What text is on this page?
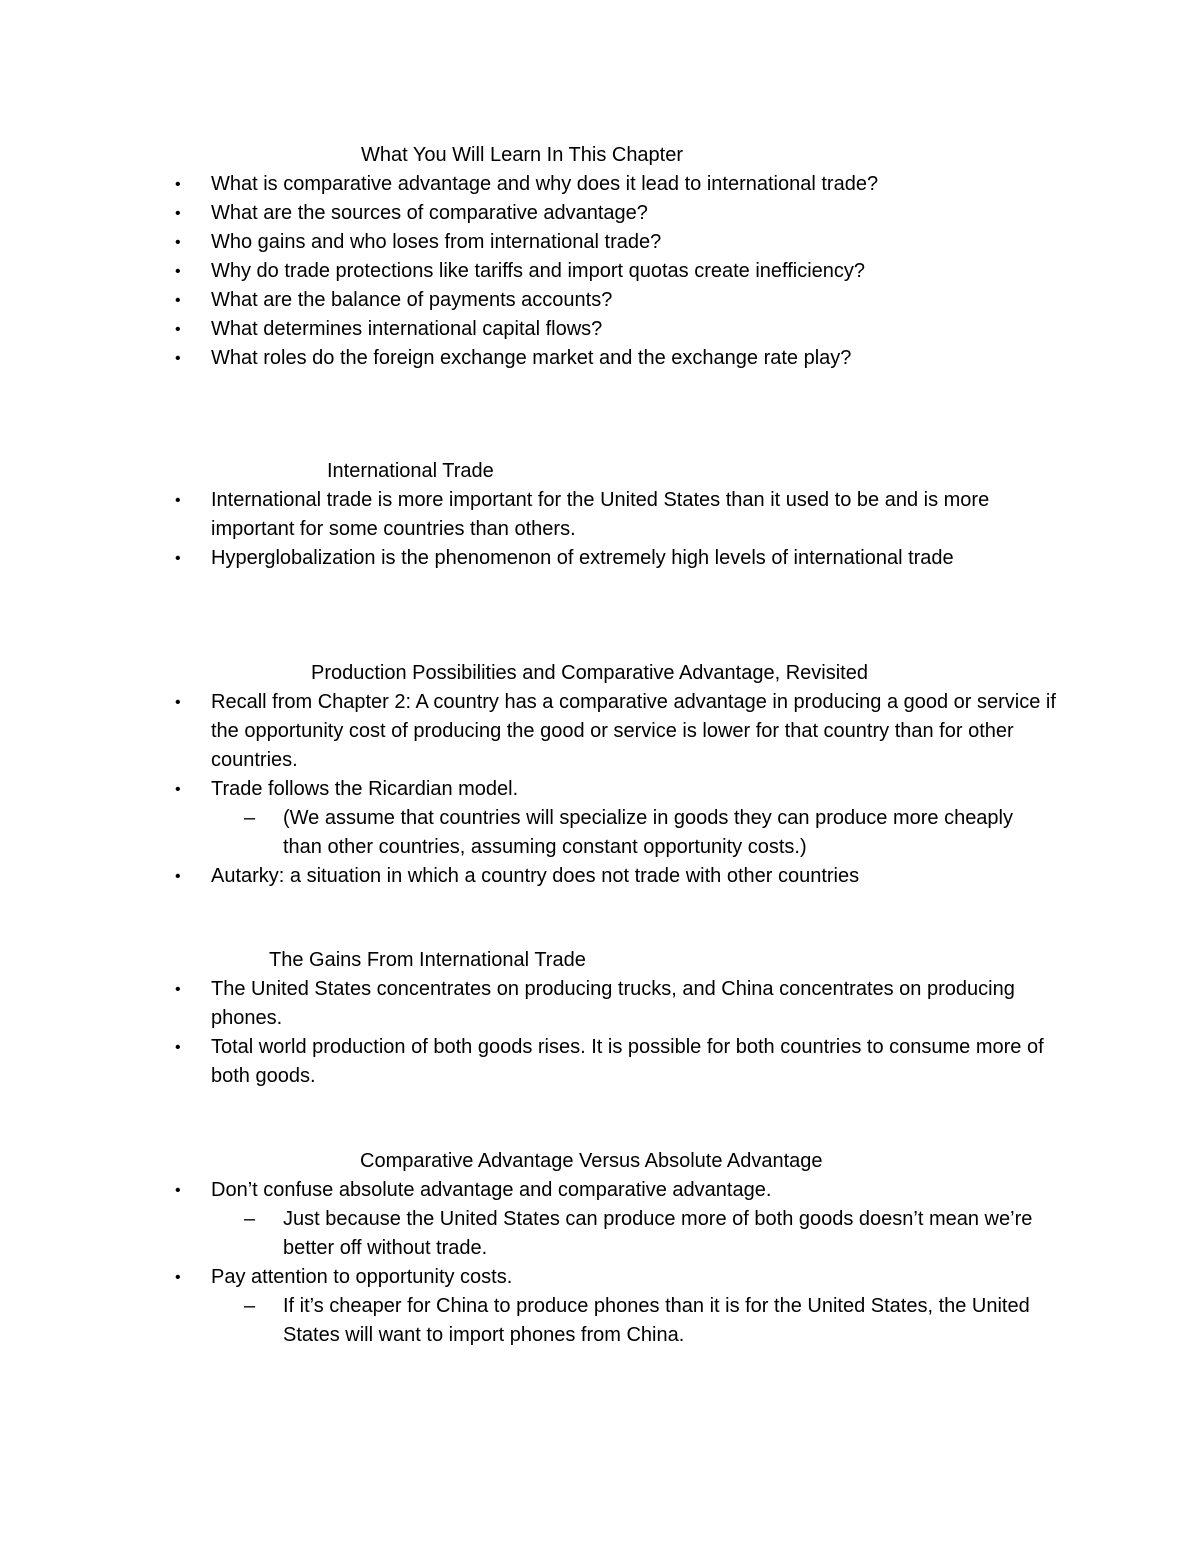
What You Will Learn In This Chapter
• What is comparative advantage and why does it lead to international trade?
• What are the sources of comparative advantage?
• Who gains and who loses from international trade?
• Why do trade protections like tariffs and import quotas create inefficiency?
• What are the balance of payments accounts?
• What determines international capital flows?
• What roles do the foreign exchange market and the exchange rate play?
International Trade
• International trade is more important for the United States than it used to be and is more important for some countries than others.
• Hyperglobalization is the phenomenon of extremely high levels of international trade
Production Possibilities and Comparative Advantage, Revisited
• Recall from Chapter 2: A country has a comparative advantage in producing a good or service if the opportunity cost of producing the good or service is lower for that country than for other countries.
• Trade follows the Ricardian model.
– (We assume that countries will specialize in goods they can produce more cheaply than other countries, assuming constant opportunity costs.)
• Autarky: a situation in which a country does not trade with other countries
The Gains From International Trade
• The United States concentrates on producing trucks, and China concentrates on producing phones.
• Total world production of both goods rises. It is possible for both countries to consume more of both goods.
Comparative Advantage Versus Absolute Advantage
• Don’t confuse absolute advantage and comparative advantage.
– Just because the United States can produce more of both goods doesn’t mean we’re better off without trade.
• Pay attention to opportunity costs.
– If it’s cheaper for China to produce phones than it is for the United States, the United States will want to import phones from China.
